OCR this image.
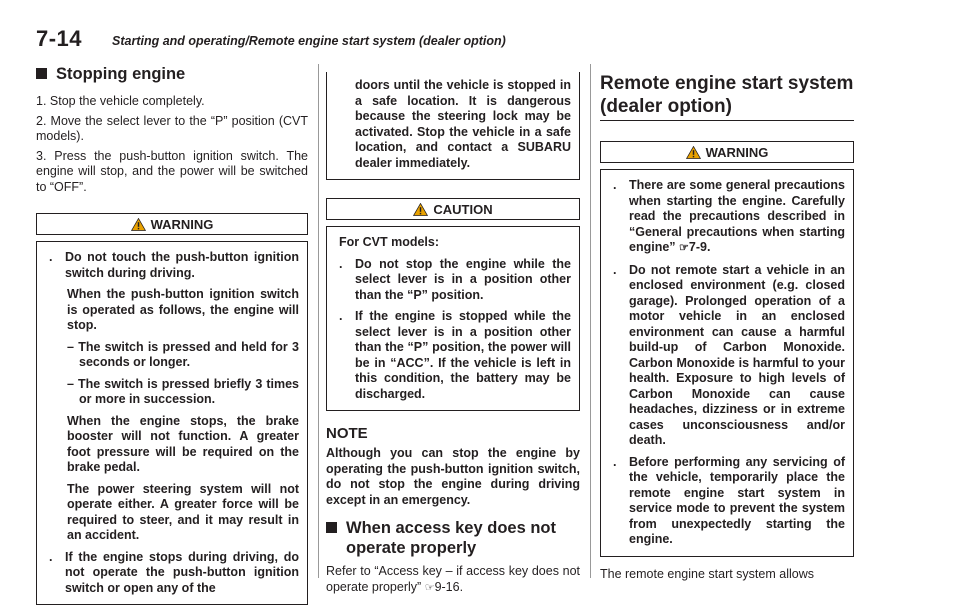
7-14 Starting and operating/Remote engine start system (dealer option)
Stopping engine

1. Stop the vehicle completely.

2. Move the select lever to the “P” position (CVT models).

3. Press the push-button ignition switch. The engine will stop, and the power will be switched to “OFF”.

WARNING

. Do not touch the push-button ignition switch during driving.

When the push-button ignition switch is operated as follows, the engine will stop.

– The switch is pressed and held for 3 seconds or longer.

– The switch is pressed briefly 3 times or more in succession.

When the engine stops, the brake booster will not function. A greater foot pressure will be required on the brake pedal.

The power steering system will not operate either. A greater force will be required to steer, and it may result in an accident.

. If the engine stops during driving, do not operate the push-button ignition switch or open any of the

doors until the vehicle is stopped in a safe location. It is dangerous because the steering lock may be activated. Stop the vehicle in a safe location, and contact a SUBARU dealer immediately.

CAUTION

For CVT models:

. Do not stop the engine while the select lever is in a position other than the “P” position.

. If the engine is stopped while the select lever is in a position other than the “P” position, the power will be in “ACC”. If the vehicle is left in this condition, the battery may be discharged.

NOTE

Although you can stop the engine by operating the push-button ignition switch, do not stop the engine during driving except in an emergency.

When access key does not operate properly

Refer to “Access key – if access key does not operate properly” ☞9-16.

Remote engine start system (dealer option)
WARNING

. There are some general precautions when starting the engine. Carefully read the precautions described in “General precautions when starting engine” ☞7-9.

. Do not remote start a vehicle in an enclosed environment (e.g. closed garage). Prolonged operation of a motor vehicle in an enclosed environment can cause a harmful build-up of Carbon Monoxide. Carbon Monoxide is harmful to your health. Exposure to high levels of Carbon Monoxide can cause headaches, dizziness or in extreme cases unconsciousness and/or death.

. Before performing any servicing of the vehicle, temporarily place the remote engine start system in service mode to prevent the system from unexpectedly starting the engine.

The remote engine start system allows
